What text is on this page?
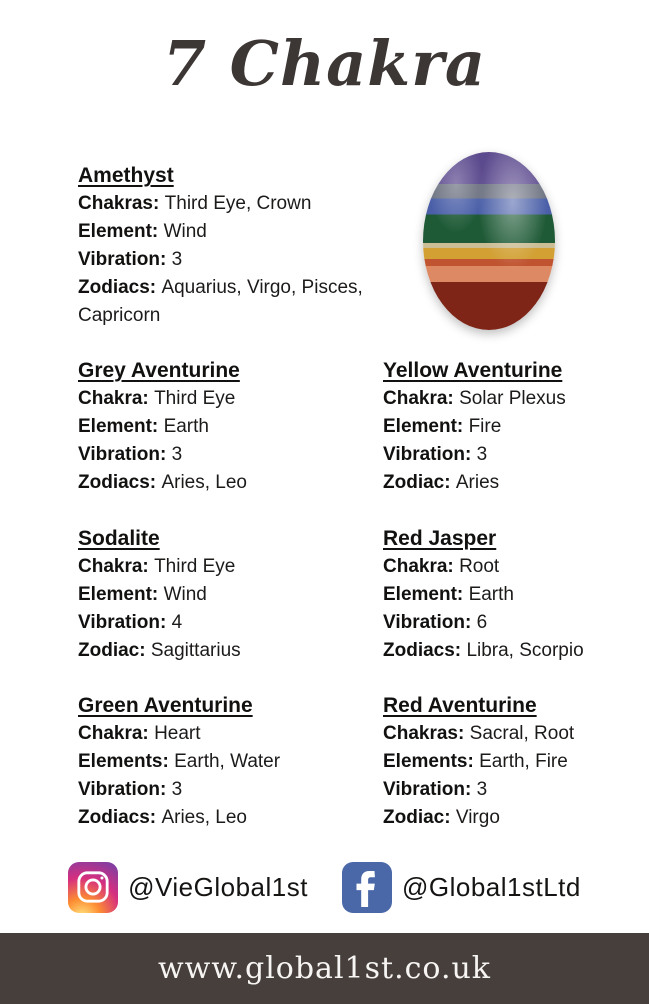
7 Chakra
Amethyst
Chakras: Third Eye, Crown
Element: Wind
Vibration: 3
Zodiacs: Aquarius, Virgo, Pisces, Capricorn
Grey Aventurine
Chakra: Third Eye
Element: Earth
Vibration: 3
Zodiacs: Aries, Leo
Yellow Aventurine
Chakra: Solar Plexus
Element: Fire
Vibration: 3
Zodiac: Aries
Sodalite
Chakra: Third Eye
Element: Wind
Vibration: 4
Zodiac: Sagittarius
Red Jasper
Chakra: Root
Element: Earth
Vibration: 6
Zodiacs: Libra, Scorpio
Green Aventurine
Chakra: Heart
Elements: Earth, Water
Vibration: 3
Zodiacs: Aries, Leo
Red Aventurine
Chakras: Sacral, Root
Elements: Earth, Fire
Vibration: 3
Zodiac: Virgo
@VieGlobal1st	@Global1stLtd
www.global1st.co.uk
